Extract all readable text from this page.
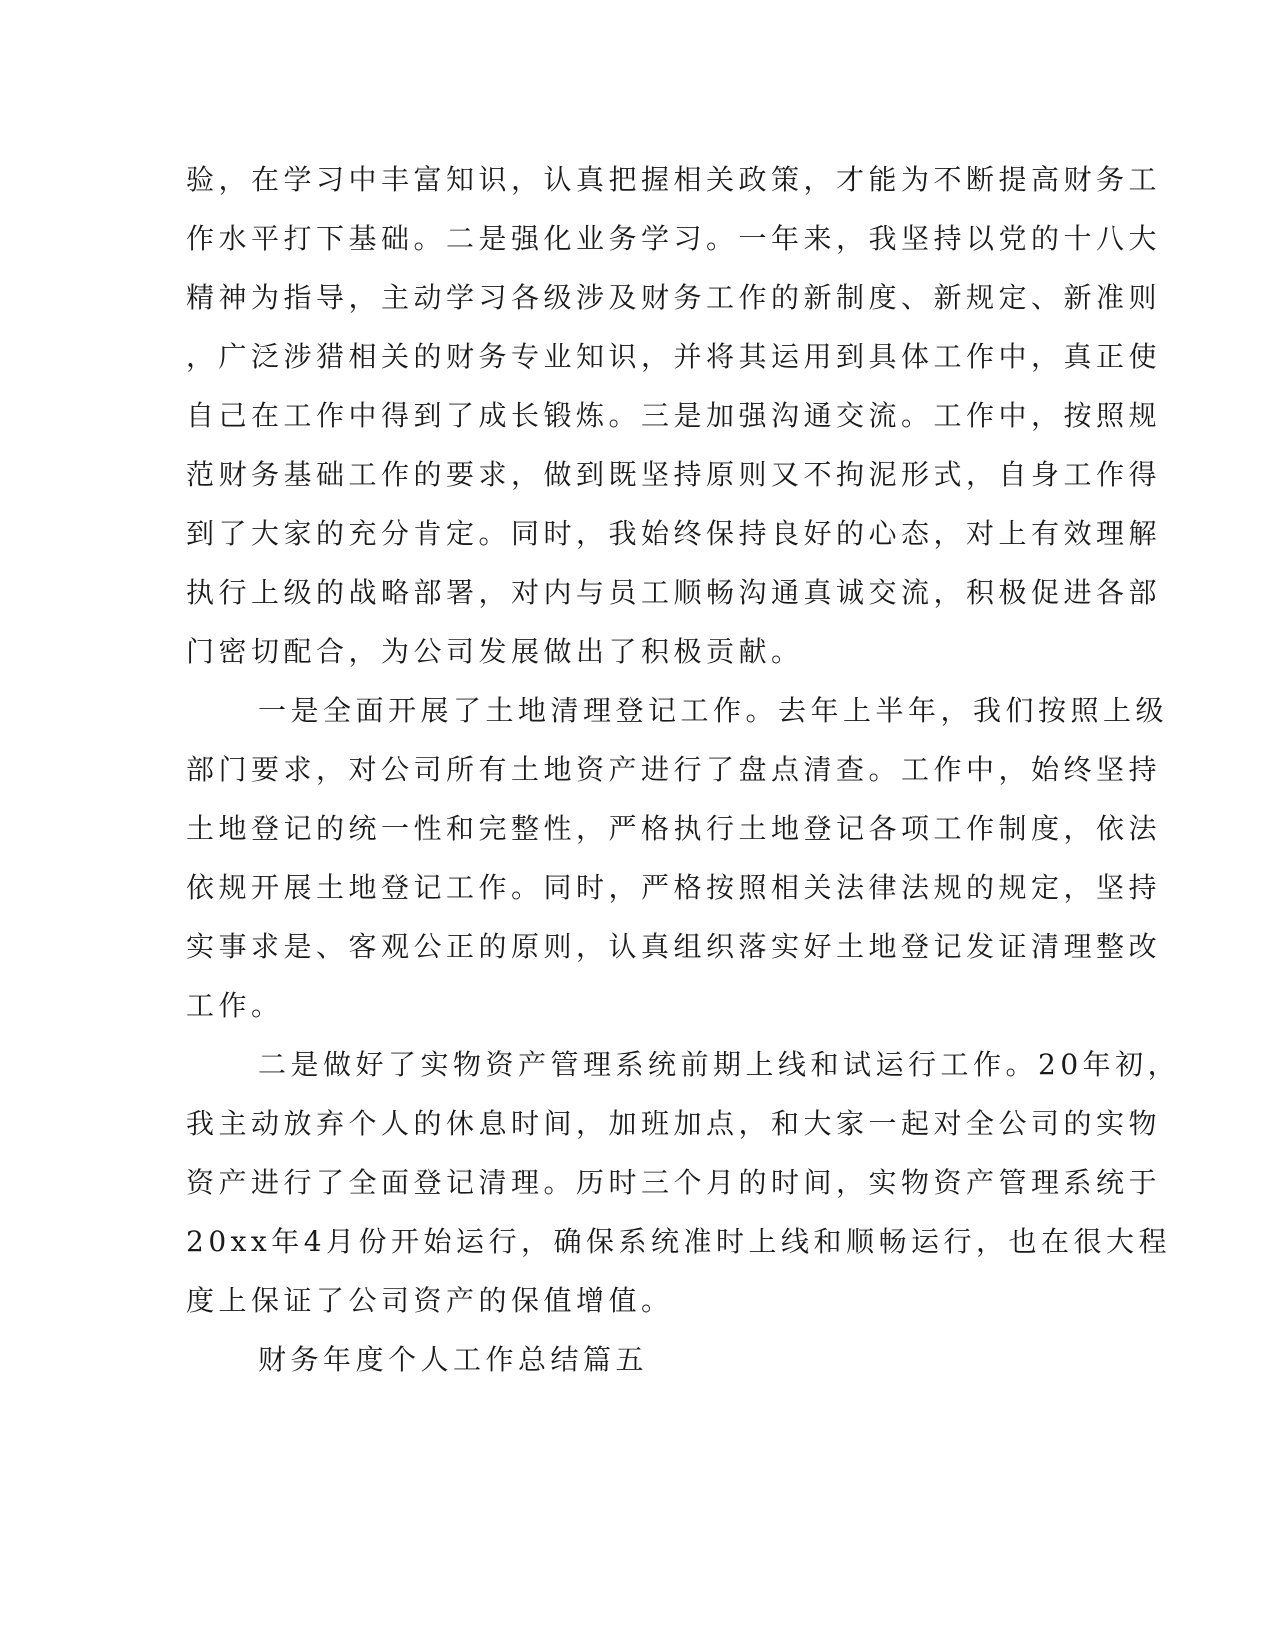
验，在学习中丰富知识，认真把握相关政策，才能为不断提高财务工
作水平打下基础。二是强化业务学习。一年来，我坚持以党的十八大
精神为指导，主动学习各级涉及财务工作的新制度、新规定、新准则
，广泛涉猎相关的财务专业知识，并将其运用到具体工作中，真正使
自己在工作中得到了成长锻炼。三是加强沟通交流。工作中，按照规
范财务基础工作的要求，做到既坚持原则又不拘泥形式，自身工作得
到了大家的充分肯定。同时，我始终保持良好的心态，对上有效理解
执行上级的战略部署，对内与员工顺畅沟通真诚交流，积极促进各部
门密切配合，为公司发展做出了积极贡献。
一是全面开展了土地清理登记工作。去年上半年，我们按照上级
部门要求，对公司所有土地资产进行了盘点清查。工作中，始终坚持
土地登记的统一性和完整性，严格执行土地登记各项工作制度，依法
依规开展土地登记工作。同时，严格按照相关法律法规的规定，坚持
实事求是、客观公正的原则，认真组织落实好土地登记发证清理整改
工作。
二是做好了实物资产管理系统前期上线和试运行工作。20年初，
我主动放弃个人的休息时间，加班加点，和大家一起对全公司的实物
资产进行了全面登记清理。历时三个月的时间，实物资产管理系统于
20xx年4月份开始运行，确保系统准时上线和顺畅运行，也在很大程
度上保证了公司资产的保值增值。
财务年度个人工作总结篇五
